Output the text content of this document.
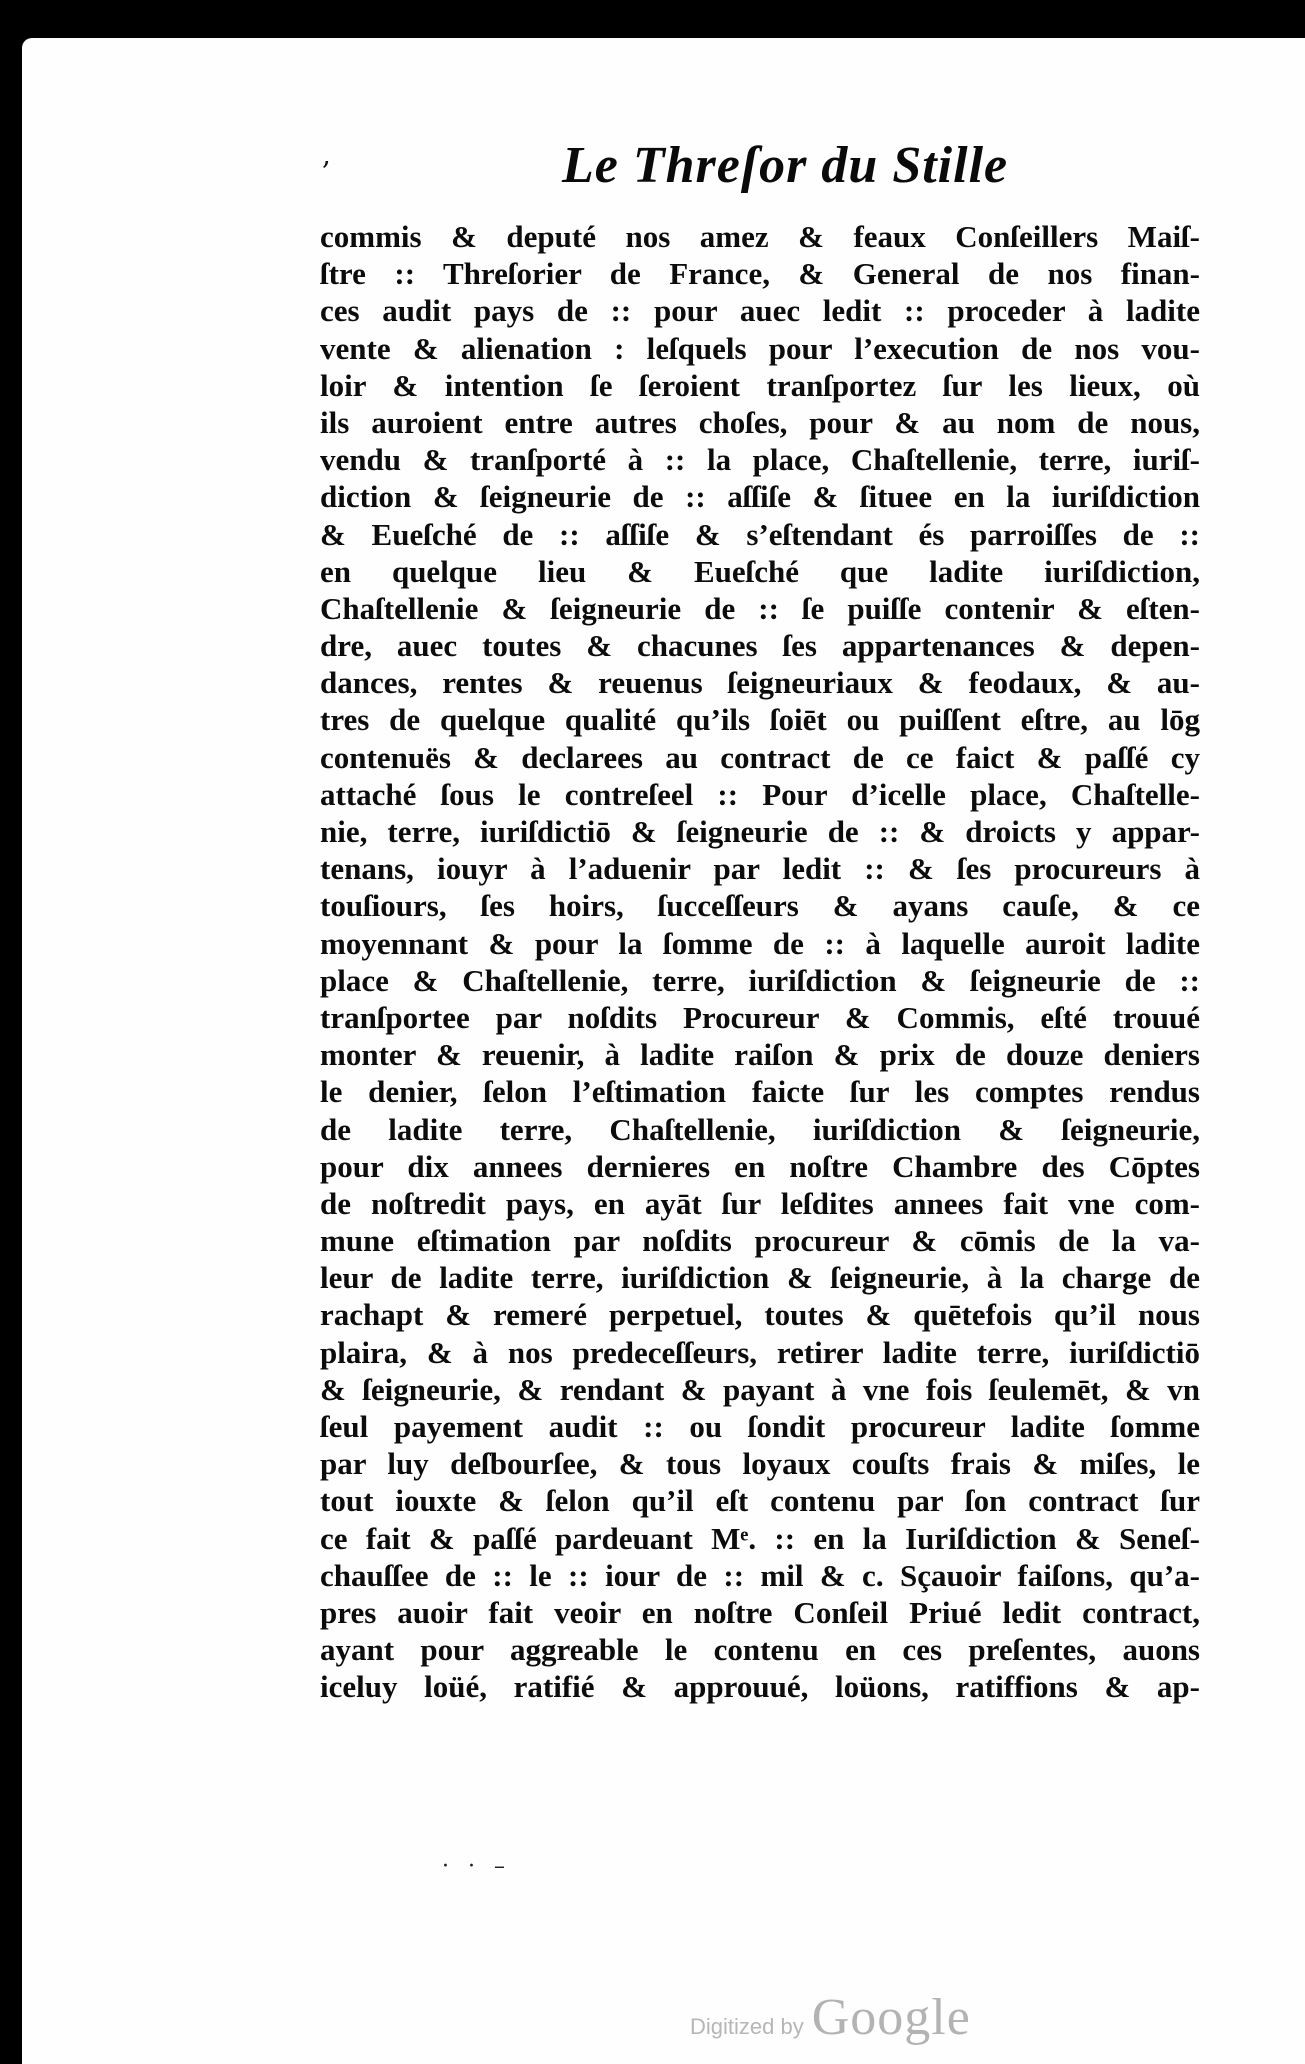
,	Le Threſor du Stille
commis & deputé nos amez & feaux Conſeillers Maiſ-
ſtre :: Threſorier de France, & General de nos finan-
ces audit pays de :: pour auec ledit :: proceder à ladite
vente & alienation : leſquels pour l’execution de nos vou-
loir & intention ſe ſeroient tranſportez ſur les lieux, où
ils auroient entre autres choſes, pour & au nom de nous,
vendu & tranſporté à :: la place, Chaſtellenie, terre, iuriſ-
diction & ſeigneurie de :: aſſiſe & ſituee en la iuriſdiction
& Eueſché de :: aſſiſe & s’eſtendant és parroiſſes de ::
en quelque lieu & Eueſché que ladite iuriſdiction,
Chaſtellenie & ſeigneurie de :: ſe puiſſe contenir & eſten-
dre, auec toutes & chacunes ſes appartenances & depen-
dances, rentes & reuenus ſeigneuriaux & feodaux, & au-
tres de quelque qualité qu’ils ſoiēt ou puiſſent eſtre, au lōg
contenuës & declarees au contract de ce faict & paſſé cy
attaché ſous le contreſeel :: Pour d’icelle place, Chaſtelle-
nie, terre, iuriſdictiō & ſeigneurie de :: & droicts y appar-
tenans, iouyr à l’aduenir par ledit :: & ſes procureurs à
touſiours, ſes hoirs, ſucceſſeurs & ayans cauſe, & ce
moyennant & pour la ſomme de :: à laquelle auroit ladite
place & Chaſtellenie, terre, iuriſdiction & ſeigneurie de ::
tranſportee par noſdits Procureur & Commis, eſté trouué
monter & reuenir, à ladite raiſon & prix de douze deniers
le denier, ſelon l’eſtimation faicte ſur les comptes rendus
de ladite terre, Chaſtellenie, iuriſdiction & ſeigneurie,
pour dix annees dernieres en noſtre Chambre des Cōptes
de noſtredit pays, en ayāt ſur leſdites annees fait vne com-
mune eſtimation par noſdits procureur & cōmis de la va-
leur de ladite terre, iuriſdiction & ſeigneurie, à la charge de
rachapt & remeré perpetuel, toutes & quētefois qu’il nous
plaira, & à nos predeceſſeurs, retirer ladite terre, iuriſdictiō
& ſeigneurie, & rendant & payant à vne fois ſeulemēt, & vn
ſeul payement audit :: ou ſondit procureur ladite ſomme
par luy deſbourſee, & tous loyaux couſts frais & miſes, le
tout iouxte & ſelon qu’il eſt contenu par ſon contract ſur
ce fait & paſſé pardeuant Mᵉ. :: en la Iuriſdiction & Seneſ-
chauſſee de :: le :: iour de :: mil & c. Sçauoir faiſons, qu’a-
pres auoir fait veoir en noſtre Conſeil Priué ledit contract,
ayant pour aggreable le contenu en ces preſentes, auons
iceluy loüé, ratifié & approuué, loüons, ratiffions & ap-
· · –
Digitized by Google
